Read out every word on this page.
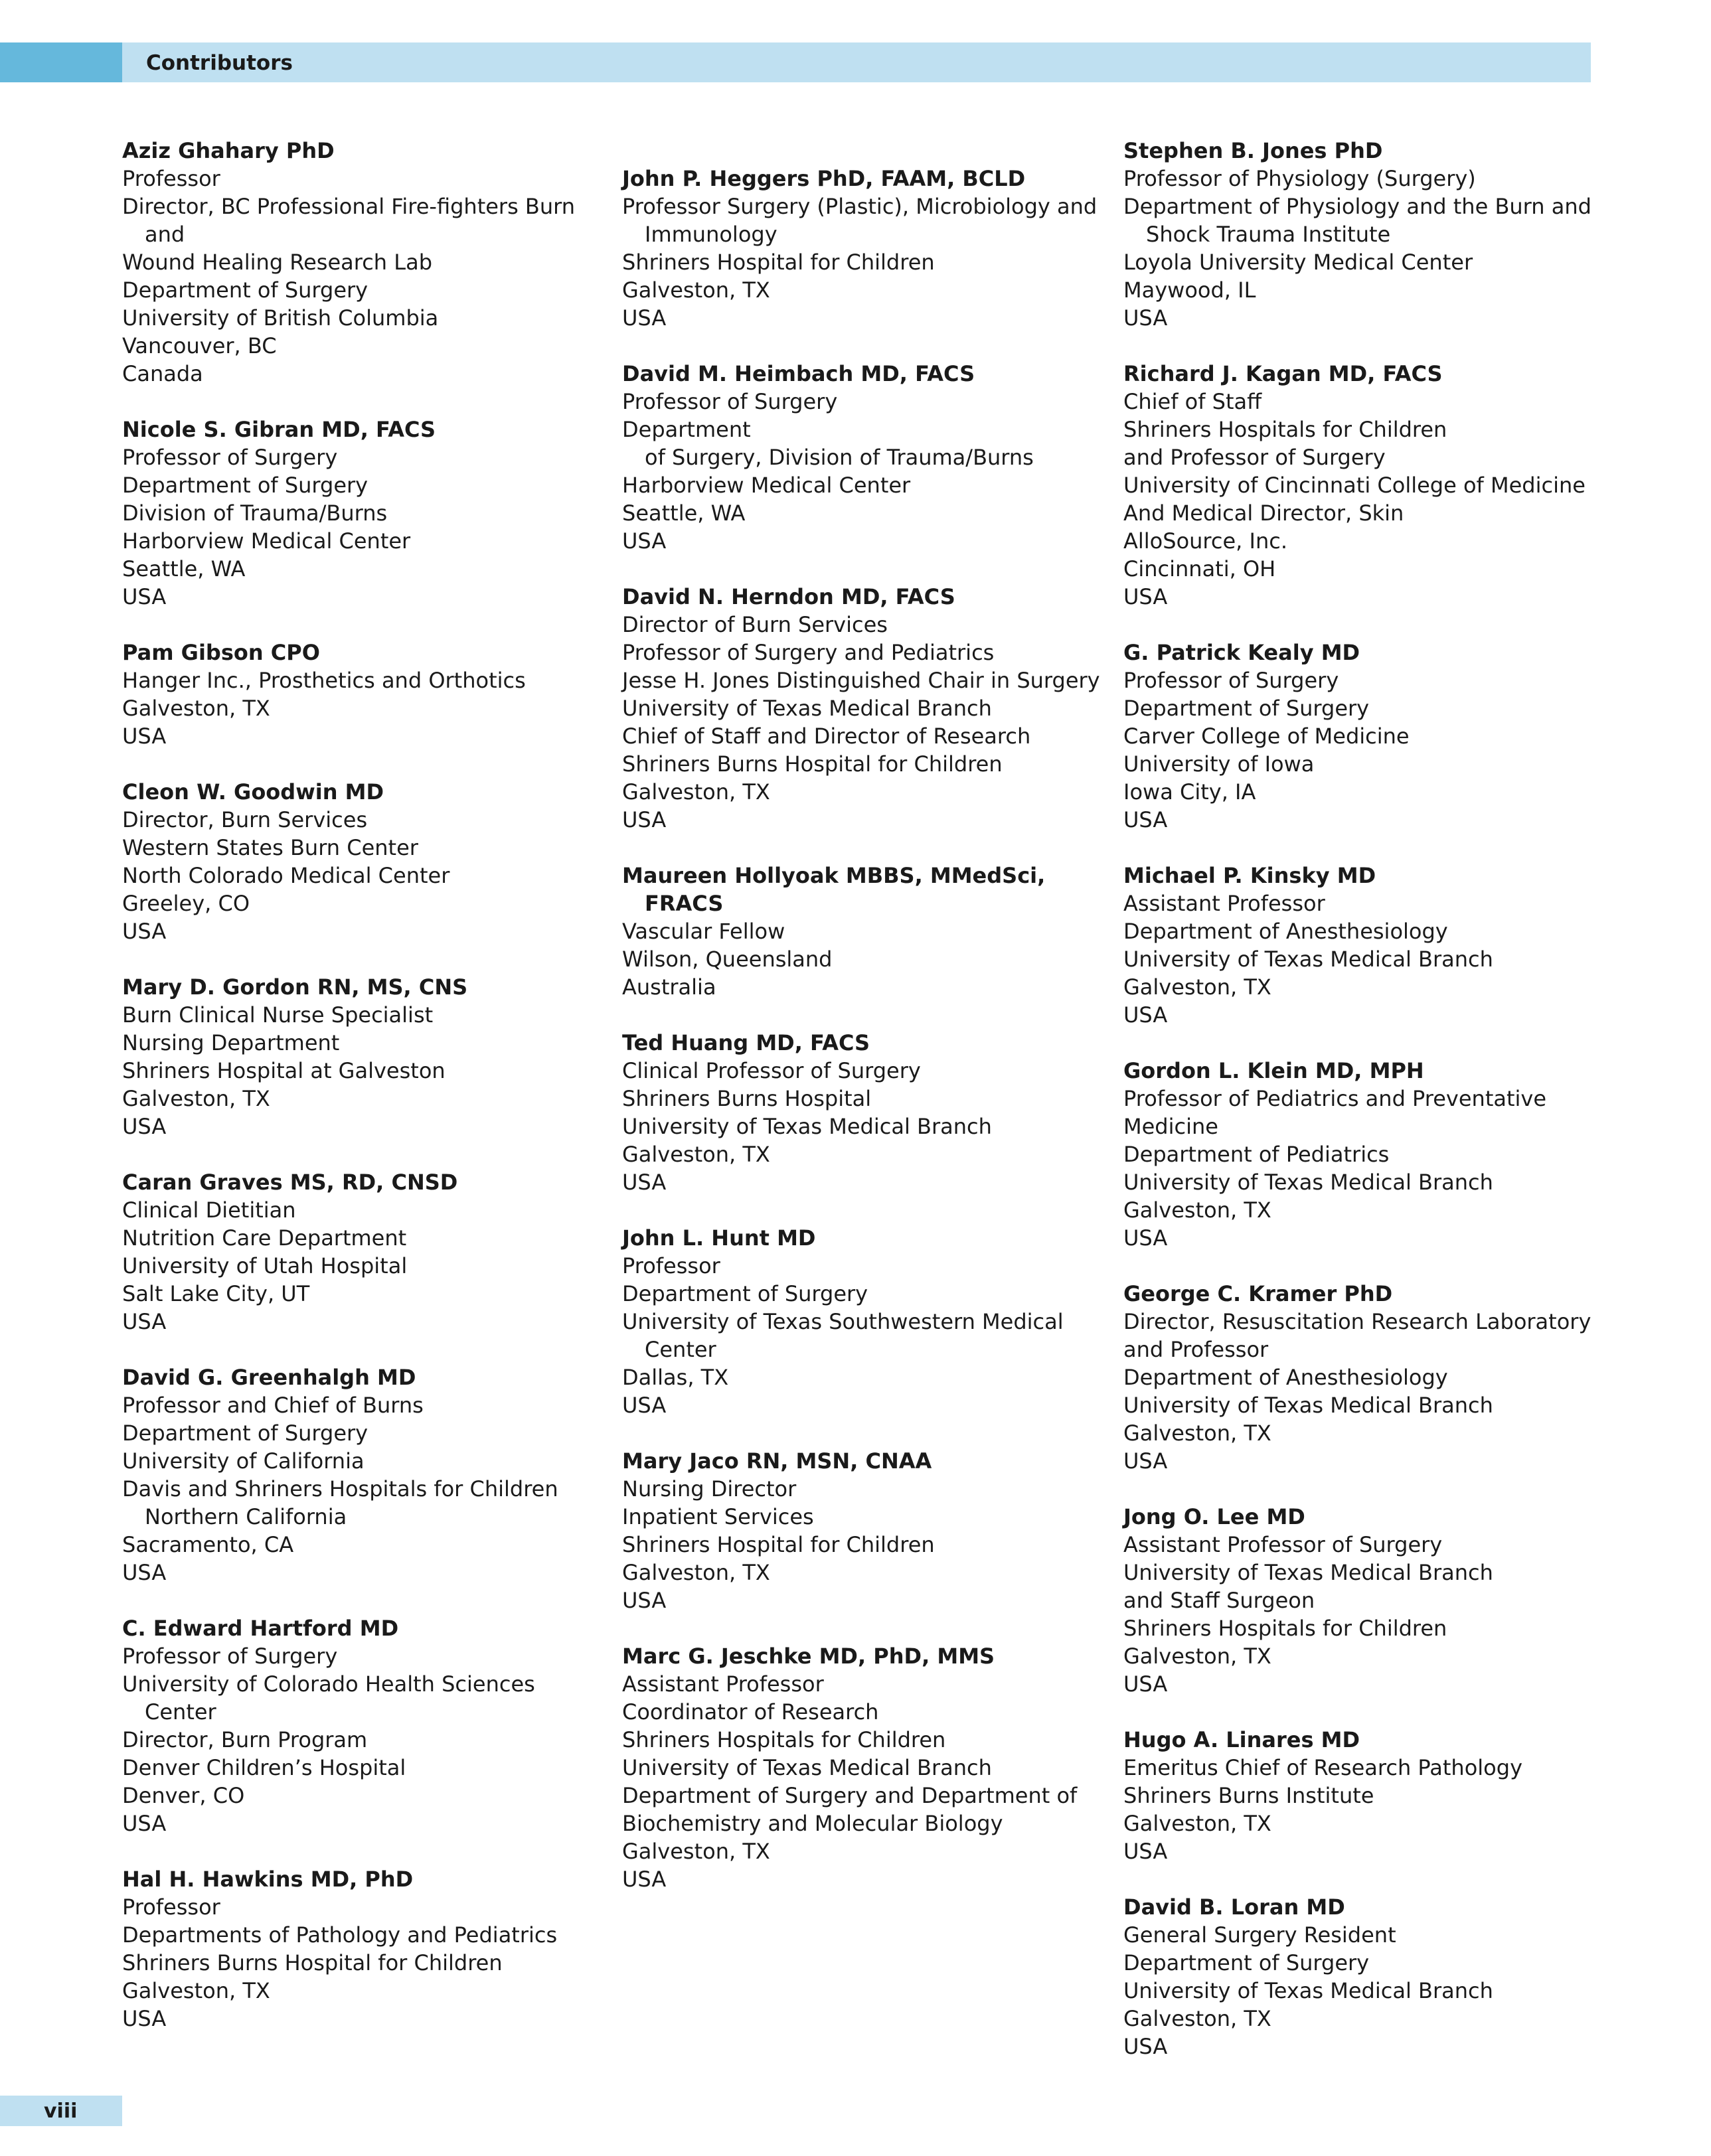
Contributors
Aziz Ghahary PhD
Professor
Director, BC Professional Fire-fighters Burn
and
Wound Healing Research Lab
Department of Surgery
University of British Columbia
Vancouver, BC
Canada
Nicole S. Gibran MD, FACS
Professor of Surgery
Department of Surgery
Division of Trauma/Burns
Harborview Medical Center
Seattle, WA
USA
Pam Gibson CPO
Hanger Inc., Prosthetics and Orthotics
Galveston, TX
USA
Cleon W. Goodwin MD
Director, Burn Services
Western States Burn Center
North Colorado Medical Center
Greeley, CO
USA
Mary D. Gordon RN, MS, CNS
Burn Clinical Nurse Specialist
Nursing Department
Shriners Hospital at Galveston
Galveston, TX
USA
Caran Graves MS, RD, CNSD
Clinical Dietitian
Nutrition Care Department
University of Utah Hospital
Salt Lake City, UT
USA
David G. Greenhalgh MD
Professor and Chief of Burns
Department of Surgery
University of California
Davis and Shriners Hospitals for Children
Northern California
Sacramento, CA
USA
C. Edward Hartford MD
Professor of Surgery
University of Colorado Health Sciences
Center
Director, Burn Program
Denver Children’s Hospital
Denver, CO
USA
Hal H. Hawkins MD, PhD
Professor
Departments of Pathology and Pediatrics
Shriners Burns Hospital for Children
Galveston, TX
USA
John P. Heggers PhD, FAAM, BCLD
Professor Surgery (Plastic), Microbiology and
Immunology
Shriners Hospital for Children
Galveston, TX
USA
David M. Heimbach MD, FACS
Professor of Surgery
Department
of Surgery, Division of Trauma/Burns
Harborview Medical Center
Seattle, WA
USA
David N. Herndon MD, FACS
Director of Burn Services
Professor of Surgery and Pediatrics
Jesse H. Jones Distinguished Chair in Surgery
University of Texas Medical Branch
Chief of Staff and Director of Research
Shriners Burns Hospital for Children
Galveston, TX
USA
Maureen Hollyoak MBBS, MMedSci,
FRACS
Vascular Fellow
Wilson, Queensland
Australia
Ted Huang MD, FACS
Clinical Professor of Surgery
Shriners Burns Hospital
University of Texas Medical Branch
Galveston, TX
USA
John L. Hunt MD
Professor
Department of Surgery
University of Texas Southwestern Medical
Center
Dallas, TX
USA
Mary Jaco RN, MSN, CNAA
Nursing Director
Inpatient Services
Shriners Hospital for Children
Galveston, TX
USA
Marc G. Jeschke MD, PhD, MMS
Assistant Professor
Coordinator of Research
Shriners Hospitals for Children
University of Texas Medical Branch
Department of Surgery and Department of
Biochemistry and Molecular Biology
Galveston, TX
USA
Stephen B. Jones PhD
Professor of Physiology (Surgery)
Department of Physiology and the Burn and
Shock Trauma Institute
Loyola University Medical Center
Maywood, IL
USA
Richard J. Kagan MD, FACS
Chief of Staff
Shriners Hospitals for Children
and Professor of Surgery
University of Cincinnati College of Medicine
And Medical Director, Skin
AlloSource, Inc.
Cincinnati, OH
USA
G. Patrick Kealy MD
Professor of Surgery
Department of Surgery
Carver College of Medicine
University of Iowa
Iowa City, IA
USA
Michael P. Kinsky MD
Assistant Professor
Department of Anesthesiology
University of Texas Medical Branch
Galveston, TX
USA
Gordon L. Klein MD, MPH
Professor of Pediatrics and Preventative
Medicine
Department of Pediatrics
University of Texas Medical Branch
Galveston, TX
USA
George C. Kramer PhD
Director, Resuscitation Research Laboratory
and Professor
Department of Anesthesiology
University of Texas Medical Branch
Galveston, TX
USA
Jong O. Lee MD
Assistant Professor of Surgery
University of Texas Medical Branch
and Staff Surgeon
Shriners Hospitals for Children
Galveston, TX
USA
Hugo A. Linares MD
Emeritus Chief of Research Pathology
Shriners Burns Institute
Galveston, TX
USA
David B. Loran MD
General Surgery Resident
Department of Surgery
University of Texas Medical Branch
Galveston, TX
USA
viii
